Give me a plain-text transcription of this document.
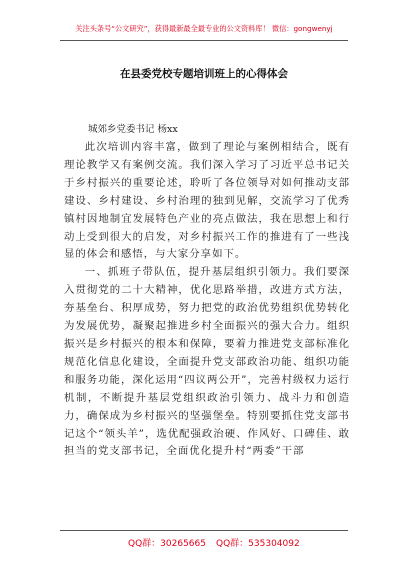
关注头条号“公文研究”，获得最新最全最专业的公文资料库！ 微信：gongwenyj
在县委党校专题培训班上的心得体会
城郊乡党委书记 杨xx

此次培训内容丰富，做到了理论与案例相结合，既有理论教学又有案例交流。我们深入学习了习近平总书记关于乡村振兴的重要论述，聆听了各位领导对如何推动支部建设、乡村建设、乡村治理的独到见解，交流学习了优秀镇村因地制宜发展特色产业的亮点做法，我在思想上和行动上受到很大的启发，对乡村振兴工作的推进有了一些浅显的体会和感悟，与大家分享如下。

一、抓班子带队伍，提升基层组织引领力。我们要深入贯彻党的二十大精神，优化思路举措，改进方式方法，夯基垒台、积厚成势，努力把党的政治优势组织优势转化为发展优势，凝聚起推进乡村全面振兴的强大合力。组织振兴是乡村振兴的根本和保障，要着力推进党支部标准化规范化信息化建设，全面提升党支部政治功能、组织功能和服务功能，深化运用“四议两公开”，完善村级权力运行机制，不断提升基层党组织政治引领力、战斗力和创造力，确保成为乡村振兴的坚强堡垒。特别要抓住党支部书记这个“领头羊”，选优配强政治硬、作风好、口碑佳、敢担当的党支部书记，全面优化提升村“两委”干部

QQ群：30265665 QQ群：535304092
